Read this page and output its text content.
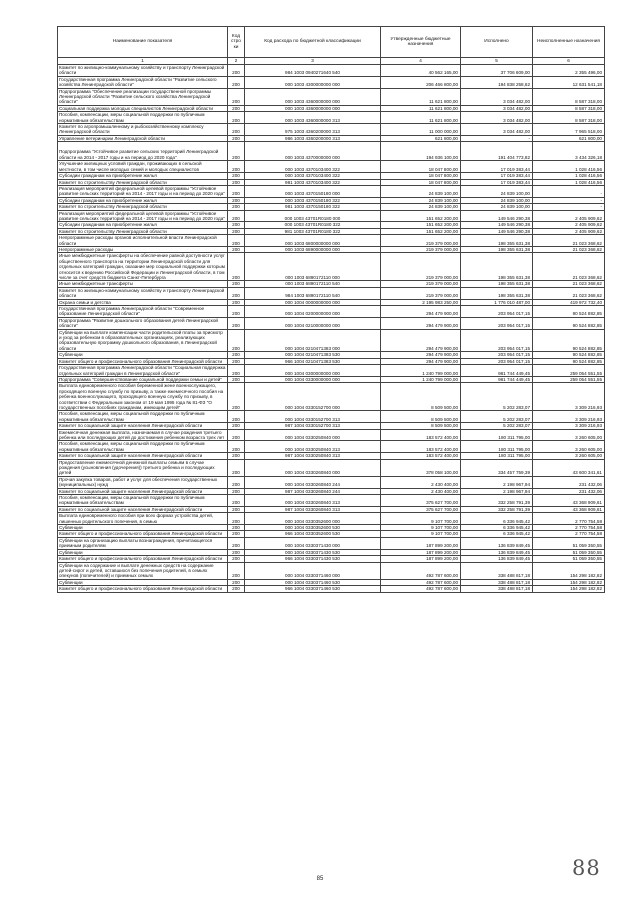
Наименование показателя	Код стро ки	Код расхода по бюджетной классификации	Утвержденные бюджетные назначения	Исполнено	Неисполненные назначения
1	2	3	4	5	6
Комитет по жилищно-коммунальному хозяйству и транспорту Ленинградской области	200	984 1003 0940271640 540	40 562 165,00	37 706 609,00	2 355 496,00
Государственная программа Ленинградской области "Развитие сельского хозяйства Ленинградской области"	200	000 1003 4300000000 000	206 466 800,00	194 838 258,62	12 631 541,18
Подпрограмма "Обеспечение реализации государственной программы Ленинградской области "Развитие сельского хозяйства Ленинградской области"	200	000 1003 4360000000 000	11 621 800,00	3 034 482,00	8 587 318,00
Социальная поддержка молодых специалистов Ленинградской области	200	000 1003 4360000000 000	11 621 800,00	3 034 482,00	8 587 318,00
Пособия, компенсации, меры социальной поддержки по публичным нормативным обязательствам	200	000 1003 4360000000 313	11 621 800,00	3 034 482,00	8 587 318,00
Комитет по агропромышленному и рыбохозяйственному комплексу Ленинградской области	200	975 1003 4360200000 313	11 000 000,00	3 034 482,00	7 965 518,00
Управление ветеринарии Ленинградской области	200	986 1003 4360200000 313	621 800,00	-	621 800,00
Подпрограмма "Устойчивое развитие сельских территорий Ленинградской области на 2014 - 2017 годы и на период до 2020 года"	200	000 1003 4370000000 000	194 936 100,00	191 404 773,82	3 434 326,18
Улучшение жилищных условий граждан, проживающих в сельской местности, в том числе молодых семей и молодых специалистов	200	000 1003 4370103400 322	18 047 800,00	17 019 383,44	1 028 416,56
Субсидии гражданам на приобретение жилья	200	000 1003 4370103400 322	18 047 800,00	17 019 383,44	1 028 416,56
Комитет по строительству Ленинградской области	200	981 1003 4370103400 322	18 047 800,00	17 019 383,44	1 028 416,56
Реализация мероприятий федеральной целевой программы "Устойчивое развитие сельских территорий на 2014 - 2017 годы и на период до 2020 года"	200	000 1003 4370150180 000	24 839 100,00	24 839 100,00	-
Субсидии гражданам на приобретение жилья	200	000 1003 4370150180 322	24 839 100,00	24 839 100,00	-
Комитет по строительству Ленинградской области	200	981 1003 4370150180 322	24 839 100,00	24 839 100,00	-
Реализация мероприятий федеральной целевой программы "Устойчивое развитие сельских территорий на 2014 - 2017 годы и на период до 2020 года"	200	000 1003 43701R0180 000	151 652 200,00	149 546 290,38	2 405 909,62
Субсидии гражданам на приобретение жилья	200	000 1003 43701R0180 322	151 652 200,00	149 546 290,38	2 405 909,62
Комитет по строительству Ленинградской области	200	981 1003 43701R0180 322	151 652 200,00	149 546 290,38	2 405 909,62
Непрограммные расходы органов исполнительной власти Ленинградской области	200	000 1003 6800000000 000	219 379 000,00	198 355 631,38	21 023 368,62
Непрограммные расходы	200	000 1003 6890000000 000	219 379 000,00	198 355 631,38	21 023 368,62
Иные межбюджетные трансферты на обеспечение равной доступности услуг общественного транспорта на территории Ленинградской области для отдельных категорий граждан, оказание мер социальной поддержки которым относится к ведению Российской Федерации и Ленинградской области, в том числе за счет средств бюджета Санкт-Петербурга	200	000 1003 6890172110 000	219 379 000,00	198 355 631,38	21 023 368,62
Иные межбюджетные трансферты	200	000 1003 6890172110 540	219 379 000,00	198 355 631,38	21 023 368,62
Комитет по жилищно-коммунальному хозяйству и транспорту Ленинградской области	200	984 1003 6890172110 540	219 379 000,00	198 355 631,38	21 023 368,62
Охрана семьи и детства	200	000 1004 0000000000 000	2 195 983 250,00	1 776 010 487,00	419 972 732,40
Государственная программа Ленинградской области "Современное образование Ленинградской области"	200	000 1004 0200000000 000	294 479 900,00	203 954 017,15	90 524 882,85
Подпрограмма "Развитие дошкольного образования детей Ленинградской области"	200	000 1004 0210000000 000	294 479 900,00	203 954 017,15	90 524 882,85
Субвенции на выплате компенсации части родительской платы за присмотр и уход за ребенком в образовательных организациях, реализующих образовательную программу дошкольного образования, в Ленинградской области	200	000 1004 0210471383 000	294 479 900,00	203 954 017,15	90 524 882,85
Субвенции	200	000 1004 0210471383 530	294 479 900,00	203 954 017,15	90 524 882,85
Комитет общего и профессионального образования Ленинградской области	200	966 1004 0210471383 530	294 479 900,00	203 954 017,15	90 524 882,85
Государственная программа Ленинградской области "Социальная поддержка отдельных категорий граждан в Ленинградской области"	200	000 1004 0300000000 000	1 240 799 000,00	981 744 449,45	259 054 551,55
Подпрограмма "Совершенствование социальной поддержки семьи и детей"	200	000 1004 0330000000 000	1 240 799 000,00	981 744 449,45	259 054 551,55
Выплата единовременного пособия беременной жене военнослужащего, проходящего военную службу по призыву, а также ежемесячного пособия на ребенка военнослужащего, проходящего военную службу по призыву, в соответствии с Федеральным законом от 19 мая 1995 года № 81-ФЗ "О государственных пособиях гражданам, имеющим детей"	200	000 1004 0330152700 000	8 509 500,00	5 202 283,07	3 309 216,93
Пособия, компенсации, меры социальной поддержки по публичным нормативным обязательствам	200	000 1004 0330152700 313	8 509 500,00	5 202 283,07	3 309 216,93
Комитет по социальной защите населения Ленинградской области	200	987 1004 0330152700 313	8 509 500,00	5 202 283,07	3 309 216,93
Ежемесячная денежная выплата, назначаемая в случае рождения третьего ребенка или последующих детей до достижения ребенком возраста трех лет	200	000 1004 0330250840 000	183 572 400,00	180 311 795,00	3 260 605,00
Пособия, компенсации, меры социальной поддержки по публичным нормативным обязательствам	200	000 1004 0330250840 313	183 572 400,00	180 311 795,00	3 260 605,00
Комитет по социальной защите населения Ленинградской области	200	987 1004 0330250840 313	183 572 400,00	180 311 795,00	3 260 605,00
Предоставление ежемесячной денежной выплаты семьям в случае рождения (усыновления (удочерения)) третьего ребенка и последующих детей	200	000 1004 0330260840 000	378 058 100,00	334 457 759,39	43 600 341,61
Прочая закупка товаров, работ и услуг для обеспечения государственных (муниципальных) нужд	200	000 1004 0330260840 244	2 430 400,00	2 198 967,94	231 432,06
Комитет по социальной защите населения Ленинградской области	200	987 1004 0330260840 244	2 430 400,00	2 198 967,94	231 432,06
Пособия, компенсации, меры социальной поддержки по публичным нормативным обязательствам	200	000 1004 0330260840 313	375 627 700,00	332 258 791,39	43 368 909,61
Комитет по социальной защите населения Ленинградской области	200	987 1004 0330260840 313	375 627 700,00	332 258 791,39	43 368 909,61
Выплата единовременного пособия при всех формах устройства детей, лишенных родительского попечения, в семью	200	000 1004 0330352600 000	9 107 700,00	6 336 945,42	2 770 754,58
Субвенции	200	000 1004 0330352600 530	9 107 700,00	6 336 945,42	2 770 754,58
Комитет общего и профессионального образования Ленинградской области	200	966 1004 0330352600 530	9 107 700,00	6 336 945,42	2 770 754,58
Субвенции на организацию выплаты вознаграждения, причитающегося приемным родителям	200	000 1004 0330371430 000	187 899 200,00	136 839 849,45	51 059 350,55
Субвенции	200	000 1004 0330371430 530	187 899 200,00	136 839 849,45	51 059 350,55
Комитет общего и профессионального образования Ленинградской области	200	966 1004 0330371430 530	187 899 200,00	136 839 849,45	51 059 350,55
Субвенции на содержание и выплате денежных средств на содержание детей-сирот и детей, оставшихся без попечения родителей, в семьях опекунов (попечителей) и приемных семьях	200	000 1004 0330371460 000	492 787 600,00	338 488 817,18	154 298 182,82
Субвенции	200	000 1004 0330371460 530	492 787 600,00	338 488 817,18	154 298 182,82
Комитет общего и профессионального образования Ленинградской области	200	966 1004 0330371460 530	492 787 600,00	338 488 817,18	154 298 182,82
85	88
